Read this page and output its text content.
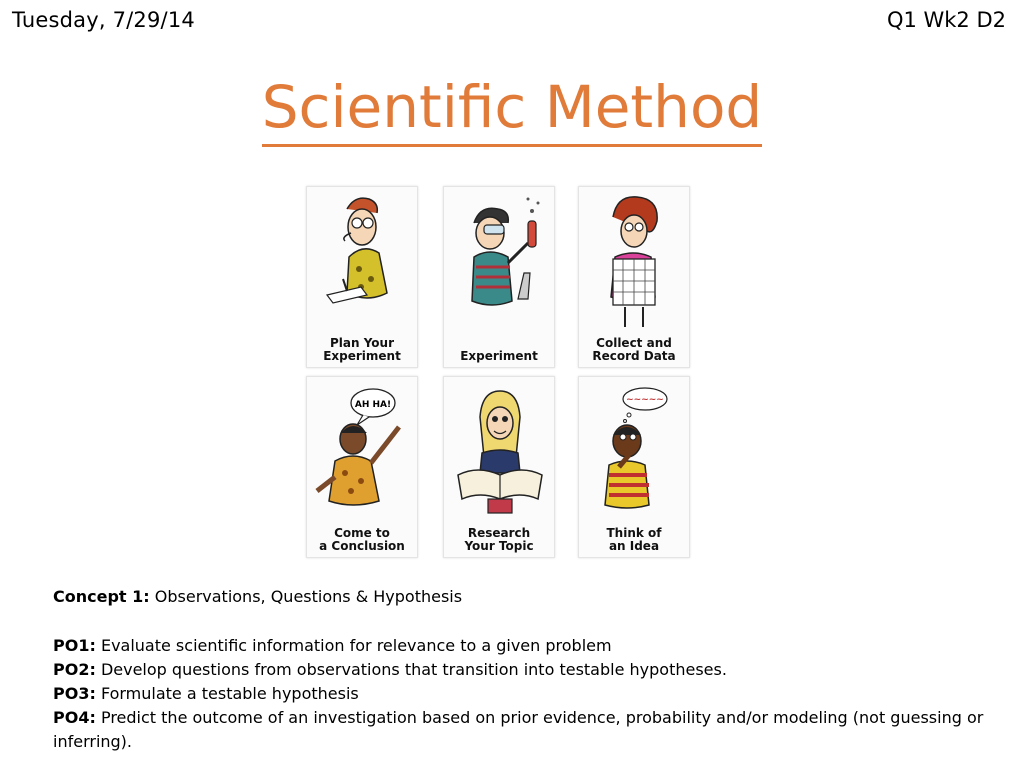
Tuesday, 7/29/14	Q1 Wk2 D2
Scientific Method
Plan Your
Experiment	Experiment
Collect and
Record Data
AH HA!
Come to
a Conclusion
Research
Your Topic
~~~~~
Think of
an Idea
Concept 1: Observations, Questions & Hypothesis
PO1: Evaluate scientific information for relevance to a given problem
PO2: Develop questions from observations that transition into testable hypotheses.
PO3: Formulate a testable hypothesis
PO4: Predict the outcome of an investigation based on prior evidence, probability and/or modeling (not guessing or inferring).
